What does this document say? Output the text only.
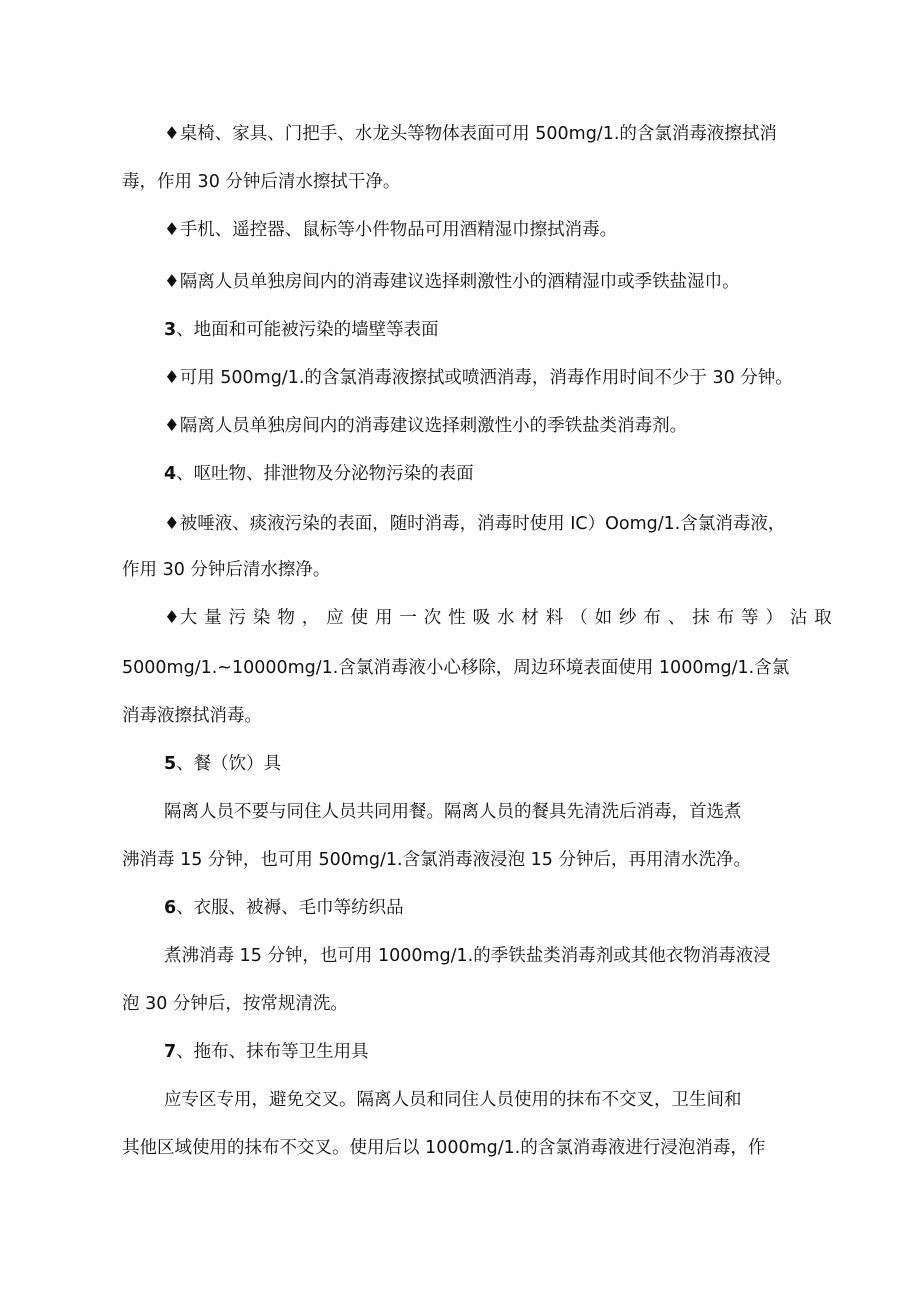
♦桌椅、家具、门把手、水龙头等物体表面可用 500mg∕1.的含氯消毒液擦拭消

毒，作用 30 分钟后清水擦拭干净。

♦手机、遥控器、鼠标等小件物品可用酒精湿巾擦拭消毒。

♦隔离人员单独房间内的消毒建议选择刺激性小的酒精湿巾或季铁盐湿巾。

3、地面和可能被污染的墙壁等表面

♦可用 500mg∕1.的含氯消毒液擦拭或喷洒消毒，消毒作用时间不少于 30 分钟。

♦隔离人员单独房间内的消毒建议选择刺激性小的季铁盐类消毒剂。

4、呕吐物、排泄物及分泌物污染的表面

♦被唾液、痰液污染的表面，随时消毒，消毒时使用 IC）Oomg/1.含氯消毒液，

作用 30 分钟后清水擦净。

♦大 量 污 染 物 ， 应 使 用 一 次 性 吸 水 材 料 （ 如 纱 布 、 抹 布 等 ） 沾 取

5000mg∕1.~10000mg∕1.含氯消毒液小心移除，周边环境表面使用 1000mg∕1.含氯

消毒液擦拭消毒。

5、餐（饮）具

隔离人员不要与同住人员共同用餐。隔离人员的餐具先清洗后消毒，首选煮

沸消毒 15 分钟，也可用 500mg∕1.含氯消毒液浸泡 15 分钟后，再用清水洗净。

6、衣服、被褥、毛巾等纺织品

煮沸消毒 15 分钟，也可用 1000mg∕1.的季铁盐类消毒剂或其他衣物消毒液浸

泡 30 分钟后，按常规清洗。

7、拖布、抹布等卫生用具

应专区专用，避免交叉。隔离人员和同住人员使用的抹布不交叉，卫生间和

其他区域使用的抹布不交叉。使用后以 1000mg∕1.的含氯消毒液进行浸泡消毒，作
